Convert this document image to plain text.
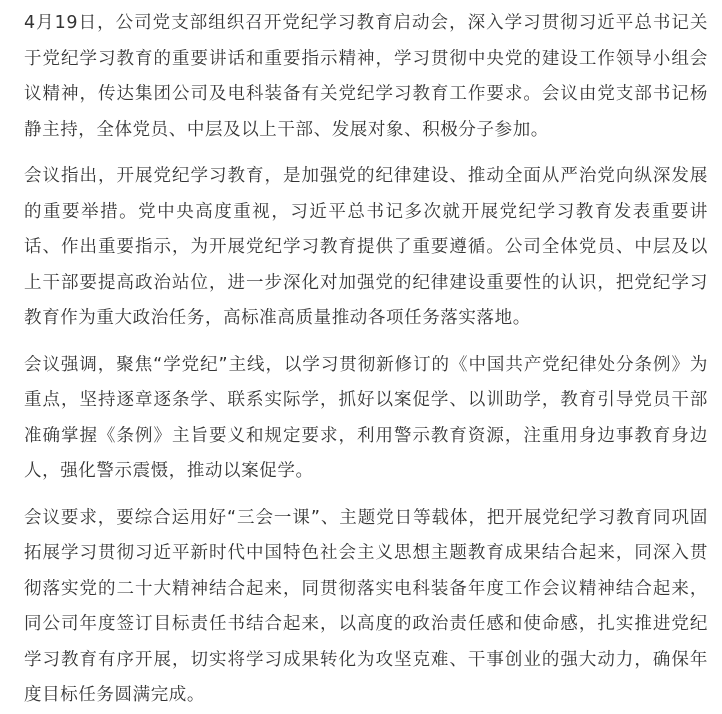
4月19日，公司党支部组织召开党纪学习教育启动会，深入学习贯彻习近平总书记关于党纪学习教育的重要讲话和重要指示精神，学习贯彻中央党的建设工作领导小组会议精神，传达集团公司及电科装备有关党纪学习教育工作要求。会议由党支部书记杨静主持，全体党员、中层及以上干部、发展对象、积极分子参加。

会议指出，开展党纪学习教育，是加强党的纪律建设、推动全面从严治党向纵深发展的重要举措。党中央高度重视，习近平总书记多次就开展党纪学习教育发表重要讲话、作出重要指示，为开展党纪学习教育提供了重要遵循。公司全体党员、中层及以上干部要提高政治站位，进一步深化对加强党的纪律建设重要性的认识，把党纪学习教育作为重大政治任务，高标准高质量推动各项任务落实落地。

会议强调，聚焦“学党纪”主线，以学习贯彻新修订的《中国共产党纪律处分条例》为重点，坚持逐章逐条学、联系实际学，抓好以案促学、以训助学，教育引导党员干部准确掌握《条例》主旨要义和规定要求，利用警示教育资源，注重用身边事教育身边人，强化警示震慑，推动以案促学。

会议要求，要综合运用好“三会一课”、主题党日等载体，把开展党纪学习教育同巩固拓展学习贯彻习近平新时代中国特色社会主义思想主题教育成果结合起来，同深入贯彻落实党的二十大精神结合起来，同贯彻落实电科装备年度工作会议精神结合起来，同公司年度签订目标责任书结合起来，以高度的政治责任感和使命感，扎实推进党纪学习教育有序开展，切实将学习成果转化为攻坚克难、干事创业的强大动力，确保年度目标任务圆满完成。
